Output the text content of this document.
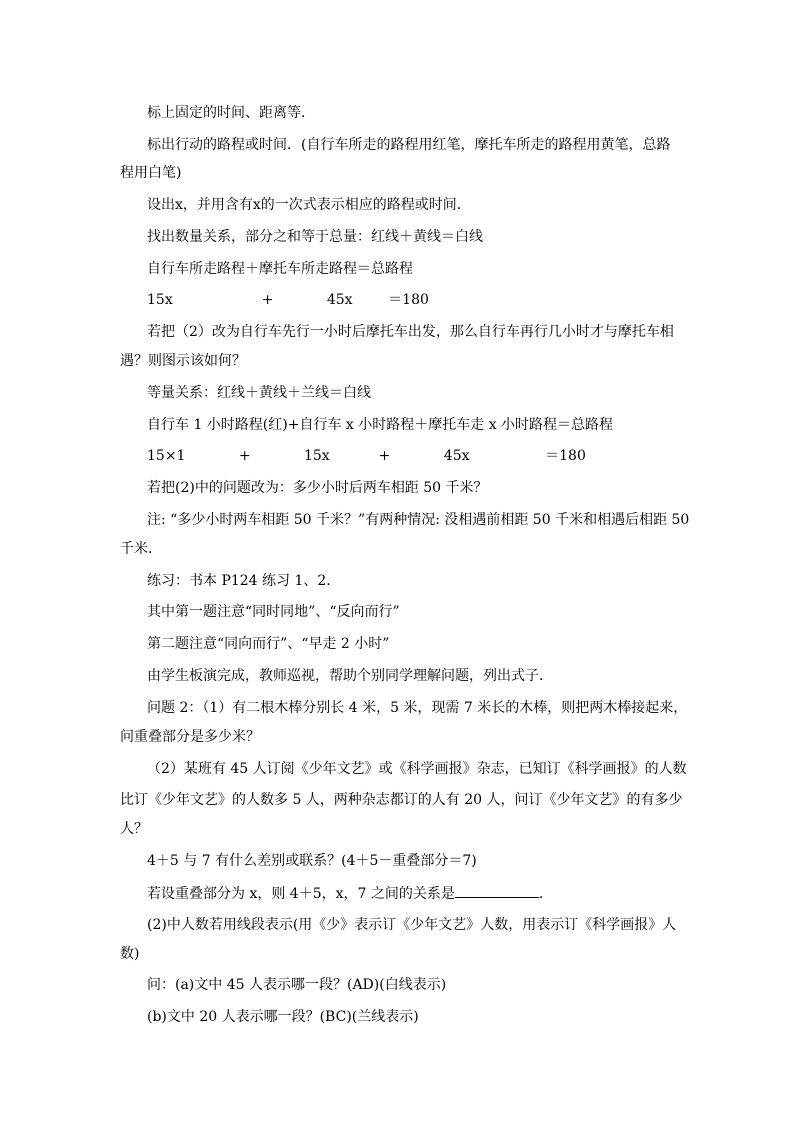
标上固定的时间、距离等．
标出行动的路程或时间．(自行车所走的路程用红笔，摩托车所走的路程用黄笔，总路
程用白笔)
设出x，并用含有x的一次式表示相应的路程或时间．
找出数量关系，部分之和等于总量：红线＋黄线＝白线
自行车所走路程＋摩托车所走路程＝总路程
15x                    +            45x        ＝180
若把（2）改为自行车先行一小时后摩托车出发，那么自行车再行几小时才与摩托车相
遇？则图示该如何？
等量关系：红线＋黄线＋兰线＝白线
自行车 1 小时路程(红)+自行车 x 小时路程＋摩托车走 x 小时路程＝总路程
15×1            +            15x           +            45x                 ＝180
若把(2)中的问题改为：多少小时后两车相距 50 千米？
注: “多少小时两车相距 50 千米？”有两种情况: 没相遇前相距 50 千米和相遇后相距 50
千米．
练习：书本 P124 练习 1、2．
其中第一题注意“同时同地”、“反向而行”
第二题注意“同向而行”、“早走 2 小时”
由学生板演完成，教师巡视，帮助个别同学理解问题，列出式子．
问题 2：（1）有二根木棒分别长 4 米，5 米，现需 7 米长的木棒，则把两木棒接起来，
问重叠部分是多少米？
（2）某班有 45 人订阅《少年文艺》或《科学画报》杂志，已知订《科学画报》的人数
比订《少年文艺》的人数多 5 人，两种杂志都订的人有 20 人，问订《少年文艺》的有多少
人？
4＋5 与 7 有什么差别或联系？(4＋5－重叠部分＝7)
若设重叠部分为 x，则 4＋5，x，7 之间的关系是	．
(2)中人数若用线段表示(用《少》表示订《少年文艺》人数，用表示订《科学画报》人
数)
问：(a)文中 45 人表示哪一段？(AD)(白线表示)
(b)文中 20 人表示哪一段？(BC)(兰线表示)
